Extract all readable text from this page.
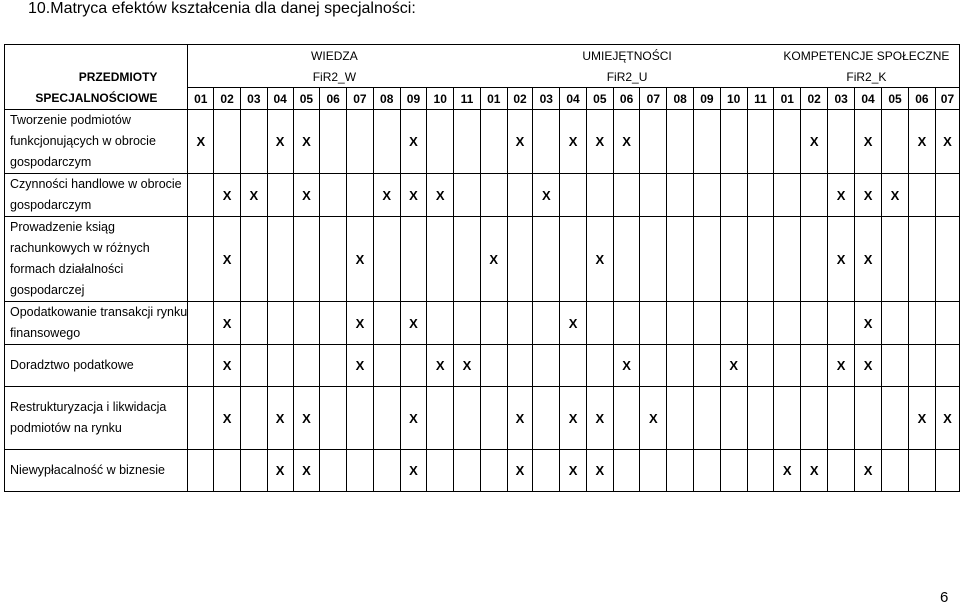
10.Matryca efektów kształcenia dla danej specjalności:
	WIEDZA											UMIEJĘTNOŚCI											KOMPETENCJE SPOŁECZNE						
PRZEDMIOTY	FiR2_W											FiR2_U											FiR2_K						
SPECJALNOŚCIOWE	01	02	03	04	05	06	07	08	09	10	11	01	02	03	04	05	06	07	08	09	10	11	01	02	03	04	05	06	07
Tworzenie podmiotów funkcjonujących w obrocie gospodarczym	X			X	X				X				X		X	X	X							X		X		X	X
Czynności handlowe w obrocie gospodarczym		X	X		X			X	X	X				X											X	X	X		
Prowadzenie ksiąg rachunkowych w różnych formach działalności gospodarczej		X					X					X				X									X	X			
Opodatkowanie transakcji rynku finansowego		X					X		X						X											X			
Doradztwo podatkowe		X					X			X	X						X				X				X	X			
Restrukturyzacja i likwidacja podmiotów na rynku		X		X	X				X				X		X	X		X										X	X
Niewypłacalność w biznesie				X	X				X				X		X	X							X	X		X			
6
